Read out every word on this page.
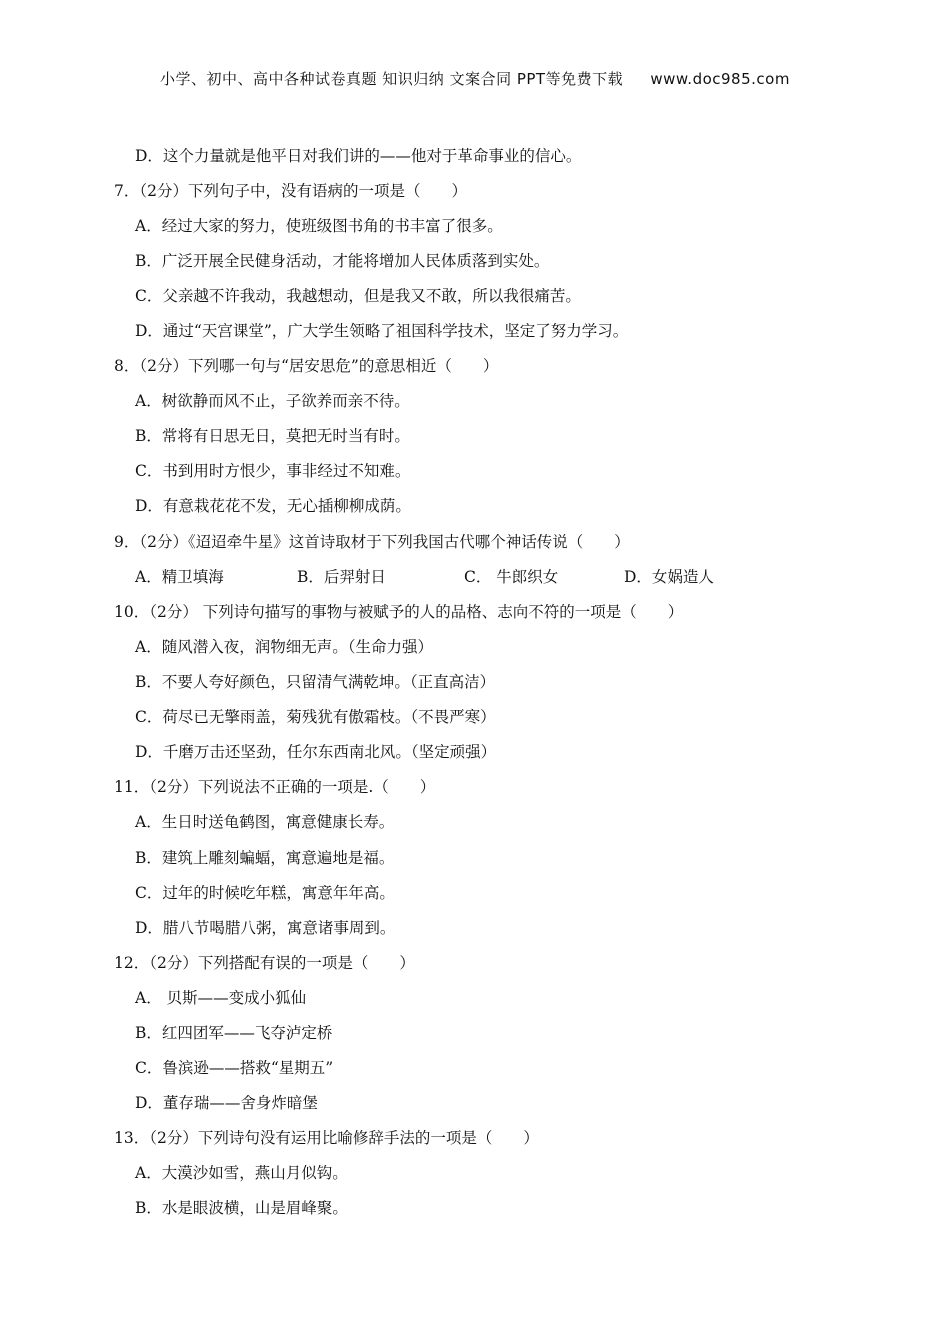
小学、初中、高中各种试卷真题 知识归纳 文案合同 PPT等免费下载 www.doc985.com
D．这个力量就是他平日对我们讲的——他对于革命事业的信心。
7．（2分）下列句子中，没有语病的一项是（　　）
A．经过大家的努力，使班级图书角的书丰富了很多。
B．广泛开展全民健身活动，才能将增加人民体质落到实处。
C．父亲越不许我动，我越想动，但是我又不敢，所以我很痛苦。
D．通过“天宫课堂”，广大学生领略了祖国科学技术，坚定了努力学习。
8．（2分）下列哪一句与“居安思危”的意思相近（　　）
A．树欲静而风不止，子欲养而亲不待。
B．常将有日思无日，莫把无时当有时。
C．书到用时方恨少，事非经过不知难。
D．有意栽花花不发，无心插柳柳成荫。
9．（2分）《迢迢牵牛星》这首诗取材于下列我国古代哪个神话传说（　　）
A．精卫填海	B．后羿射日	C． 牛郎织女	D．女娲造人
10．（2分） 下列诗句描写的事物与被赋予的人的品格、志向不符的一项是（　　）
A．随风潜入夜，润物细无声。（生命力强）
B．不要人夸好颜色，只留清气满乾坤。（正直高洁）
C．荷尽已无擎雨盖，菊残犹有傲霜枝。（不畏严寒）
D．千磨万击还坚劲，任尔东西南北风。（坚定顽强）
11．（2分）下列说法不正确的一项是.（　　）
A．生日时送龟鹤图，寓意健康长寿。
B．建筑上雕刻蝙蝠，寓意遍地是福。
C．过年的时候吃年糕，寓意年年高。
D．腊八节喝腊八粥，寓意诸事周到。
12．（2分）下列搭配有误的一项是（　　）
A． 贝斯——变成小狐仙
B．红四团军——飞夺泸定桥
C．鲁滨逊——搭救“星期五”
D．董存瑞——舍身炸暗堡
13．（2分）下列诗句没有运用比喻修辞手法的一项是（　　）
A．大漠沙如雪，燕山月似钩。
B．水是眼波横，山是眉峰聚。
